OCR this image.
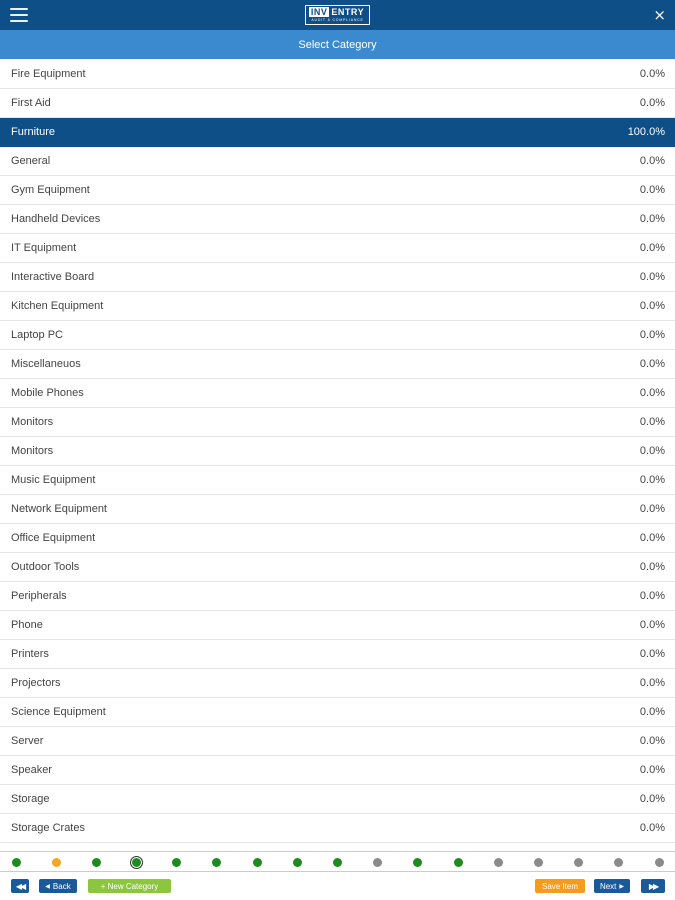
INV ENTRY
AUDIT & COMPLIANCE	×
Select Category
Fire Equipment	0.0%
First Aid	0.0%
Furniture	100.0%
General	0.0%
Gym Equipment	0.0%
Handheld Devices	0.0%
IT Equipment	0.0%
Interactive Board	0.0%
Kitchen Equipment	0.0%
Laptop PC	0.0%
Miscellaneuos	0.0%
Mobile Phones	0.0%
Monitors	0.0%
Monitors	0.0%
Music Equipment	0.0%
Network Equipment	0.0%
Office Equipment	0.0%
Outdoor Tools	0.0%
Peripherals	0.0%
Phone	0.0%
Printers	0.0%
Projectors	0.0%
Science Equipment	0.0%
Server	0.0%
Speaker	0.0%
Storage	0.0%
Storage Crates	0.0%
◀◀	◀ Back	+ New Category	Save Item	Next ▶	▶▶
